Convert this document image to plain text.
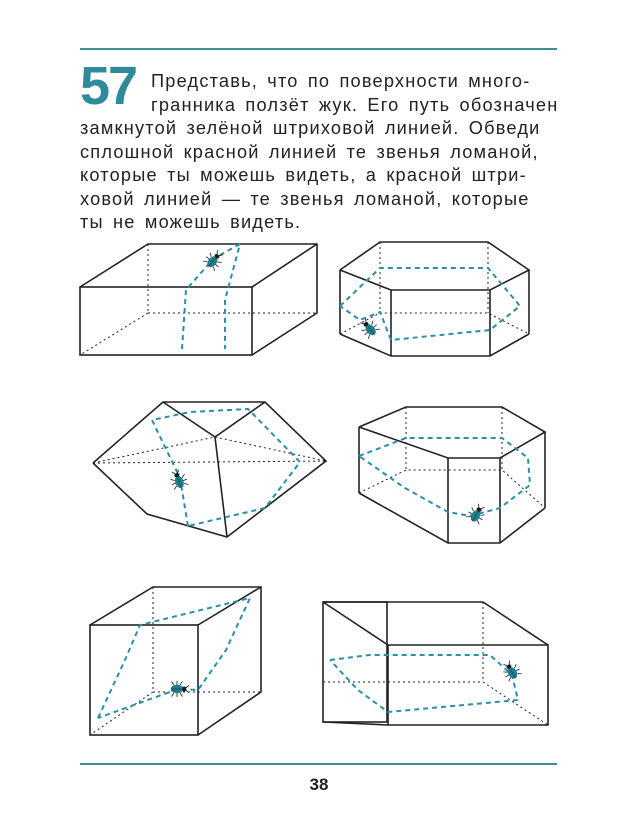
57 Представь, что по поверхности много-
гранника ползёт жук. Его путь обозначен
замкнутой зелёной штриховой линией. Обведи
сплошной красной линией те звенья ломаной,
которые ты можешь видеть, а красной штри-
ховой линией — те звенья ломаной, которые
ты не можешь видеть.
38
